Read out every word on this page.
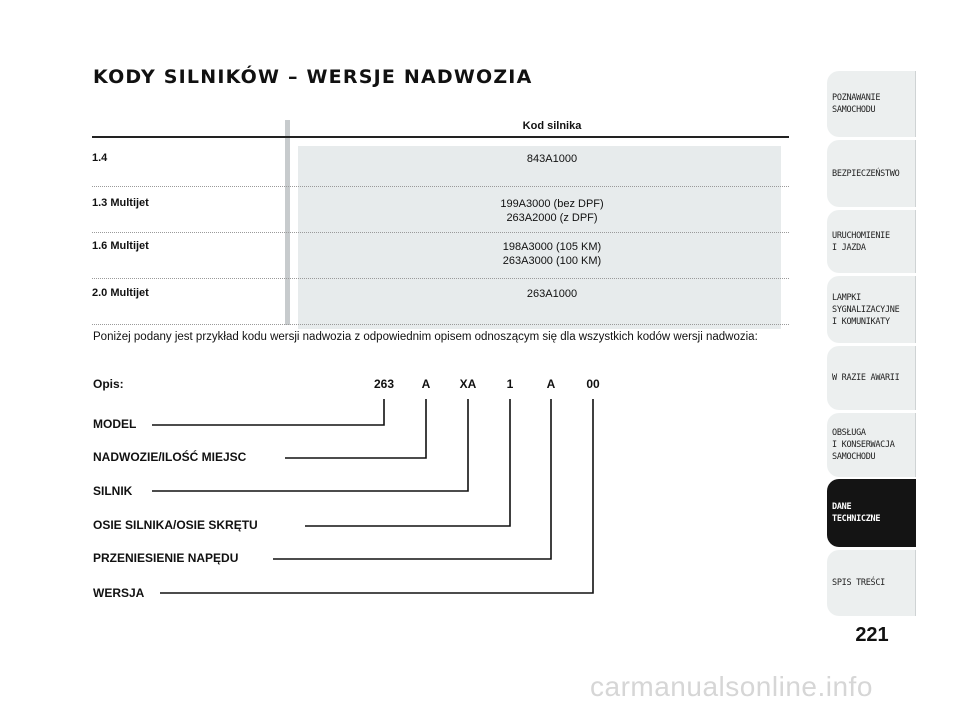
KODY SILNIKÓW – WERSJE NADWOZIA
Kod silnika
1.4	843A1000
1.3 Multijet	199A3000 (bez DPF)
263A2000 (z DPF)
1.6 Multijet	198A3000 (105 KM)
263A3000 (100 KM)
2.0 Multijet	263A1000
Poniżej podany jest przykład kodu wersji nadwozia z odpowiednim opisem odnoszącym się dla wszystkich kodów wersji nadwozia:
Opis:	263 A XA	1	A	00
MODEL
NADWOZIE/ILOŚĆ MIEJSC
SILNIK
OSIE SILNIKA/OSIE SKRĘTU
PRZENIESIENIE NAPĘDU
WERSJA
POZNAWANIE
SAMOCHODU
BEZPIECZEŃSTWO
URUCHOMIENIE
I JAZDA
LAMPKI
SYGNALIZACYJNE
I KOMUNIKATY
W RAZIE AWARII
OBSŁUGA
I KONSERWACJA
SAMOCHODU
DANE
TECHNICZNE
SPIS TREŚCI
221
carmanualsonline.info
